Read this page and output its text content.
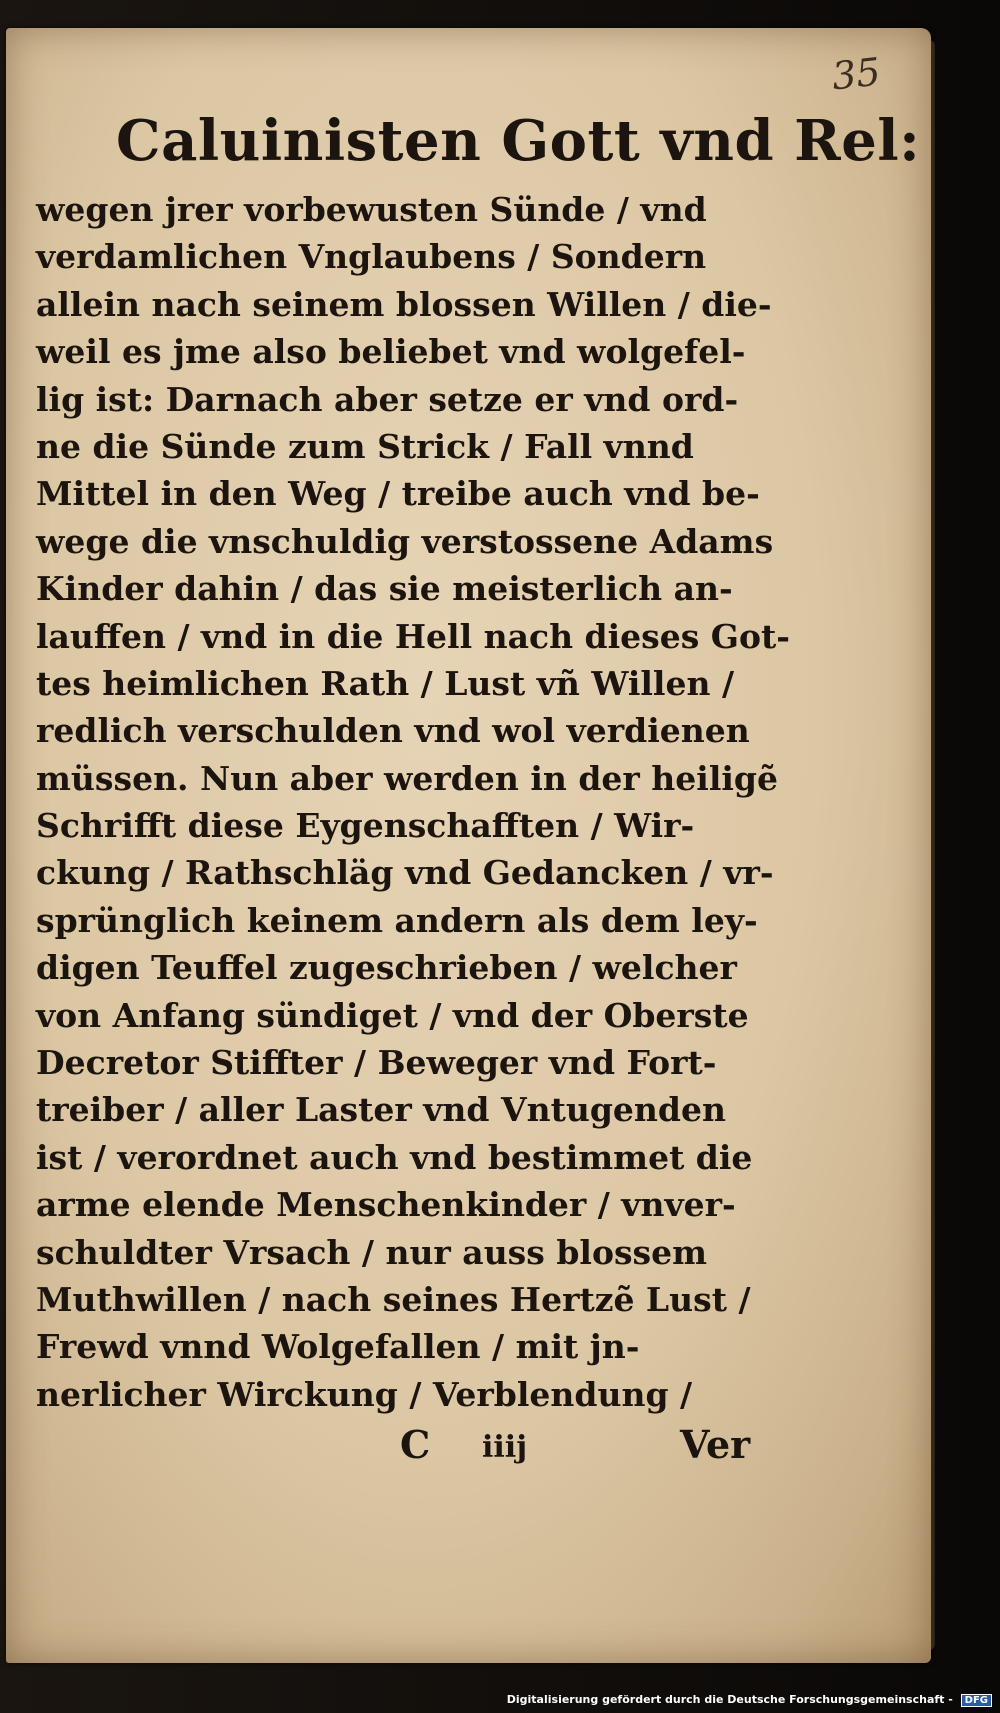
35
Caluinisten Gott vnd Rel:
wegen jrer vorbewusten Sünde / vnd
verdamlichen Vnglaubens / Sondern
allein nach seinem blossen Willen / die-
weil es jme also beliebet vnd wolgefel-
lig ist: Darnach aber setze er vnd ord-
ne die Sünde zum Strick / Fall vnnd
Mittel in den Weg / treibe auch vnd be-
wege die vnschuldig verstossene Adams
Kinder dahin / das sie meisterlich an-
lauffen / vnd in die Hell nach dieses Got-
tes heimlichen Rath / Lust vñ Willen /
redlich verschulden vnd wol verdienen
müssen. Nun aber werden in der heiligẽ
Schrifft diese Eygenschafften / Wir-
ckung / Rathschläg vnd Gedancken / vr-
sprünglich keinem andern als dem ley-
digen Teuffel zugeschrieben / welcher
von Anfang sündiget / vnd der Oberste
Decretor Stiffter / Beweger vnd Fort-
treiber / aller Laster vnd Vntugenden
ist / verordnet auch vnd bestimmet die
arme elende Menschenkinder / vnver-
schuldter Vrsach / nur auss blossem
Muthwillen / nach seines Hertzẽ Lust /
Frewd vnnd Wolgefallen / mit jn-
nerlicher Wirckung / Verblendung /
C iiij	Ver
Digitalisierung gefördert durch die Deutsche Forschungsgemeinschaft - DFG
